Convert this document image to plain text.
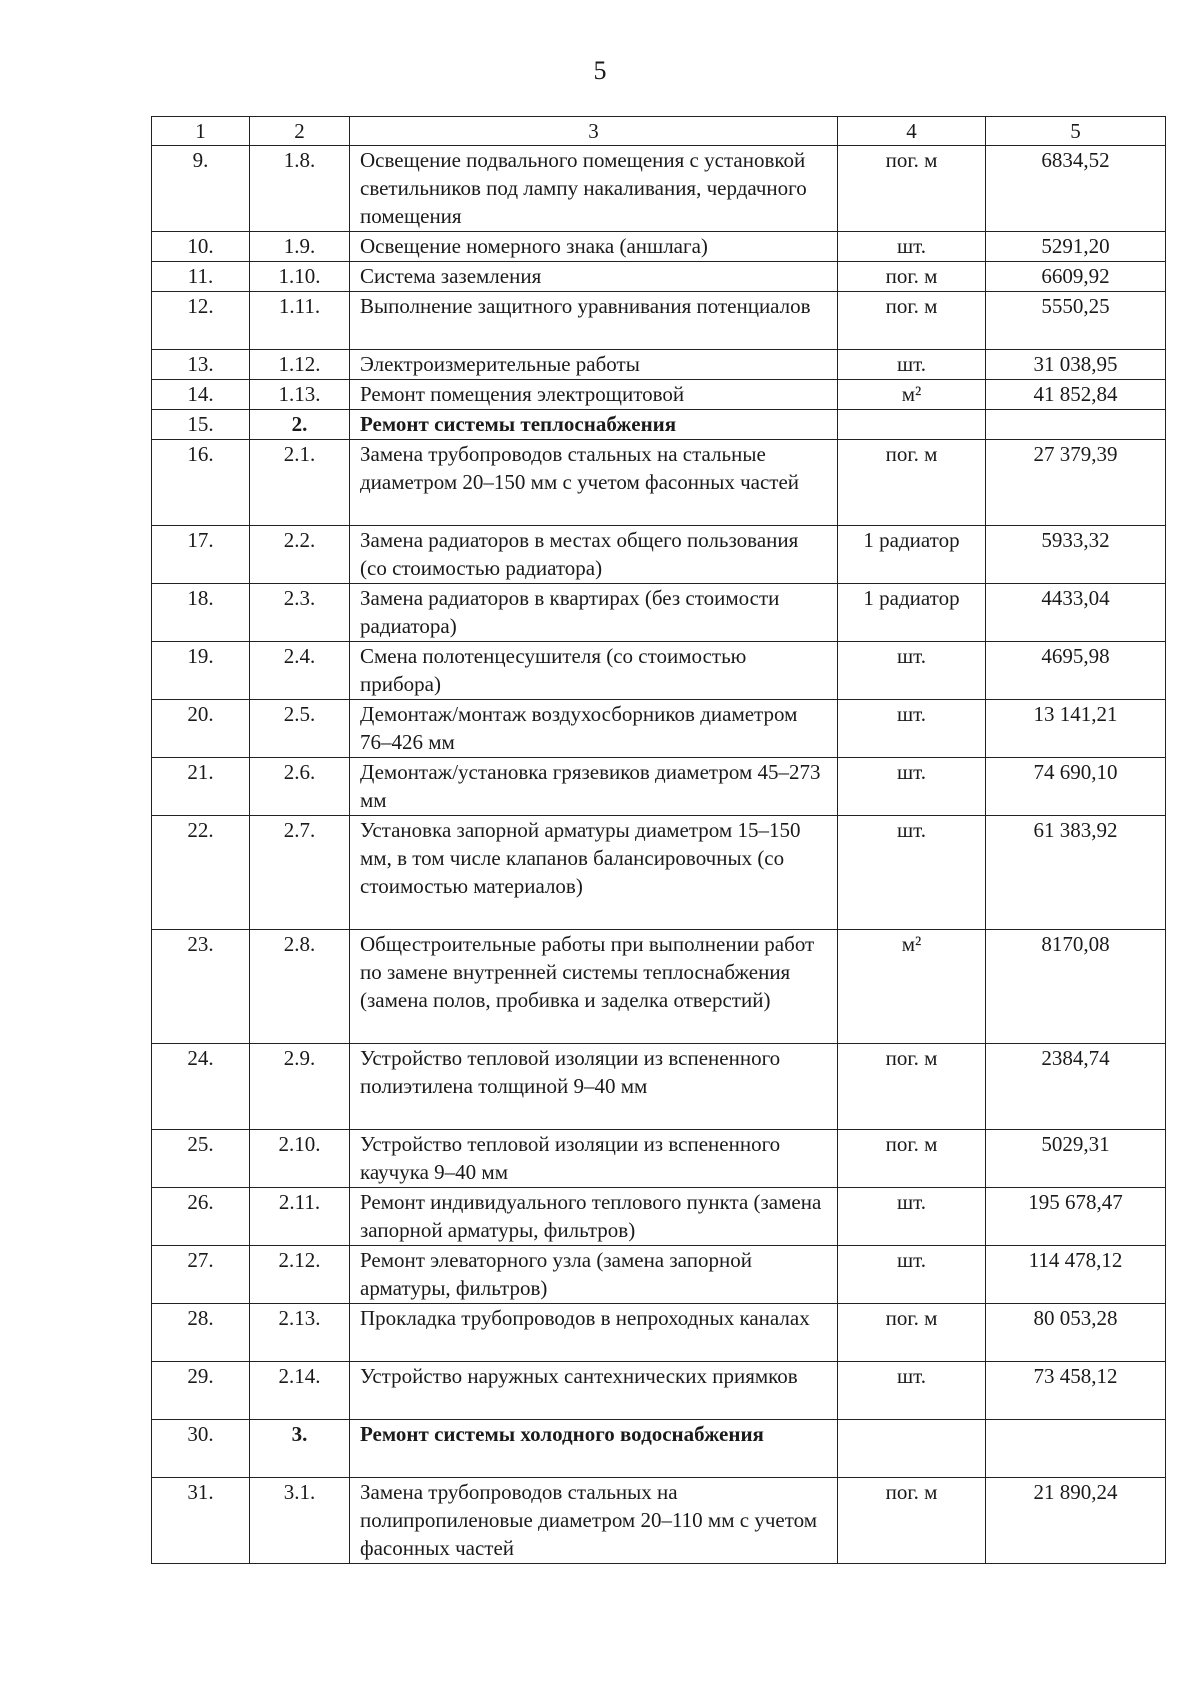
5
1	2	3	4	5
9.	1.8.	Освещение подвального помещения с установкой светильников под лампу накаливания, чердачного помещения	пог. м	6834,52
10.	1.9.	Освещение номерного знака (аншлага)	шт.	5291,20
11.	1.10.	Система заземления	пог. м	6609,92
12.	1.11.	Выполнение защитного уравнивания потенциалов	пог. м	5550,25
13.	1.12.	Электроизмерительные работы	шт.	31 038,95
14.	1.13.	Ремонт помещения электрощитовой	м²	41 852,84
15.	2.	Ремонт системы теплоснабжения		
16.	2.1.	Замена трубопроводов стальных на стальные диаметром 20–150 мм с учетом фасонных частей	пог. м	27 379,39
17.	2.2.	Замена радиаторов в местах общего пользования (со стоимостью радиатора)	1 радиатор	5933,32
18.	2.3.	Замена радиаторов в квартирах (без стоимости радиатора)	1 радиатор	4433,04
19.	2.4.	Смена полотенцесушителя (со стоимостью прибора)	шт.	4695,98
20.	2.5.	Демонтаж/монтаж воздухосборников диаметром 76–426 мм	шт.	13 141,21
21.	2.6.	Демонтаж/установка грязевиков диаметром 45–273 мм	шт.	74 690,10
22.	2.7.	Установка запорной арматуры диаметром 15–150 мм, в том числе клапанов балансировочных (со стоимостью материалов)	шт.	61 383,92
23.	2.8.	Общестроительные работы при выполнении работ по замене внутренней системы теплоснабжения (замена полов, пробивка и заделка отверстий)	м²	8170,08
24.	2.9.	Устройство тепловой изоляции из вспененного полиэтилена толщиной 9–40 мм	пог. м	2384,74
25.	2.10.	Устройство тепловой изоляции из вспененного каучука 9–40 мм	пог. м	5029,31
26.	2.11.	Ремонт индивидуального теплового пункта (замена запорной арматуры, фильтров)	шт.	195 678,47
27.	2.12.	Ремонт элеваторного узла (замена запорной арматуры, фильтров)	шт.	114 478,12
28.	2.13.	Прокладка трубопроводов в непроходных каналах	пог. м	80 053,28
29.	2.14.	Устройство наружных сантехнических приямков	шт.	73 458,12
30.	3.	Ремонт системы холодного водоснабжения		
31.	3.1.	Замена трубопроводов стальных на полипропиленовые диаметром 20–110 мм с учетом фасонных частей	пог. м	21 890,24
